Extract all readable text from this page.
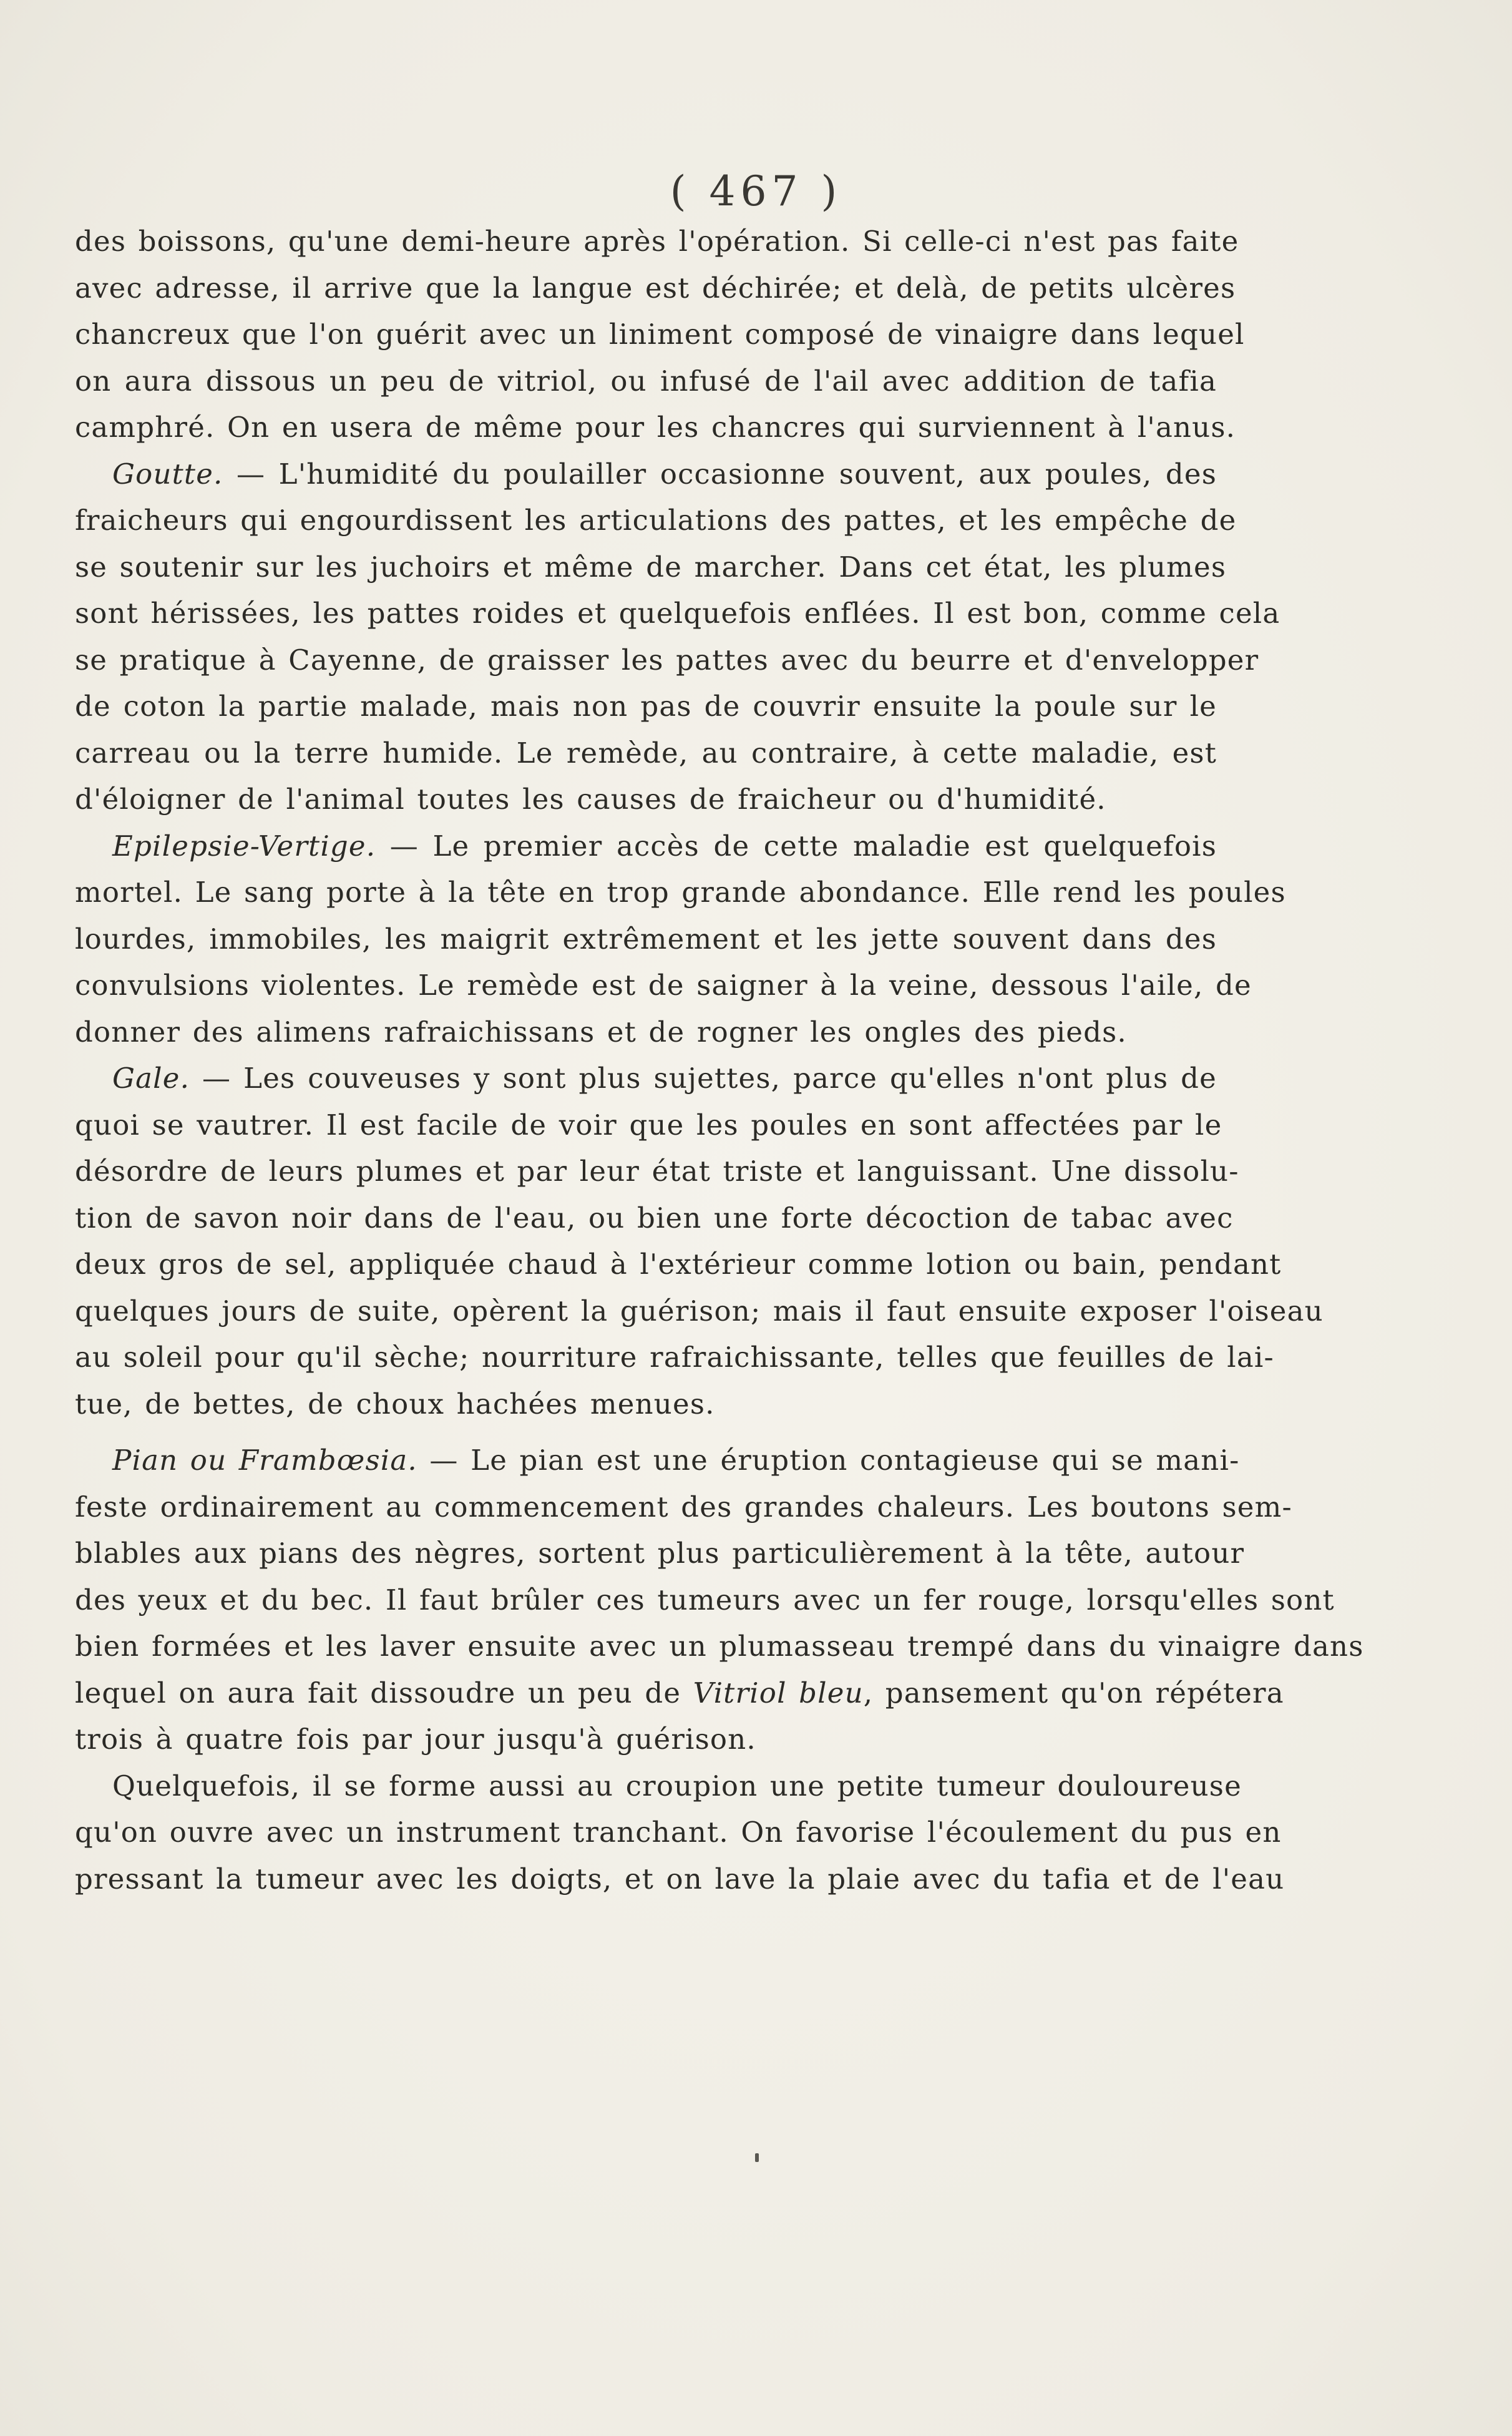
( 467 )
des boissons, qu'une demi-heure après l'opération. Si celle-ci n'est pas faite
avec adresse, il arrive que la langue est déchirée; et delà, de petits ulcères
chancreux que l'on guérit avec un liniment composé de vinaigre dans lequel
on aura dissous un peu de vitriol, ou infusé de l'ail avec addition de tafia
camphré. On en usera de même pour les chancres qui surviennent à l'anus.
Goutte. — L'humidité du poulailler occasionne souvent, aux poules, des
fraicheurs qui engourdissent les articulations des pattes, et les empêche de
se soutenir sur les juchoirs et même de marcher. Dans cet état, les plumes
sont hérissées, les pattes roides et quelquefois enflées. Il est bon, comme cela
se pratique à Cayenne, de graisser les pattes avec du beurre et d'envelopper
de coton la partie malade, mais non pas de couvrir ensuite la poule sur le
carreau ou la terre humide. Le remède, au contraire, à cette maladie, est
d'éloigner de l'animal toutes les causes de fraicheur ou d'humidité.
Epilepsie-Vertige. — Le premier accès de cette maladie est quelquefois
mortel. Le sang porte à la tête en trop grande abondance. Elle rend les poules
lourdes, immobiles, les maigrit extrêmement et les jette souvent dans des
convulsions violentes. Le remède est de saigner à la veine, dessous l'aile, de
donner des alimens rafraichissans et de rogner les ongles des pieds.
Gale. — Les couveuses y sont plus sujettes, parce qu'elles n'ont plus de
quoi se vautrer. Il est facile de voir que les poules en sont affectées par le
désordre de leurs plumes et par leur état triste et languissant. Une dissolu-
tion de savon noir dans de l'eau, ou bien une forte décoction de tabac avec
deux gros de sel, appliquée chaud à l'extérieur comme lotion ou bain, pendant
quelques jours de suite, opèrent la guérison; mais il faut ensuite exposer l'oiseau
au soleil pour qu'il sèche; nourriture rafraichissante, telles que feuilles de lai-
tue, de bettes, de choux hachées menues.
Pian ou Frambœsia. — Le pian est une éruption contagieuse qui se mani-
feste ordinairement au commencement des grandes chaleurs. Les boutons sem-
blables aux pians des nègres, sortent plus particulièrement à la tête, autour
des yeux et du bec. Il faut brûler ces tumeurs avec un fer rouge, lorsqu'elles sont
bien formées et les laver ensuite avec un plumasseau trempé dans du vinaigre dans
lequel on aura fait dissoudre un peu de Vitriol bleu, pansement qu'on répétera
trois à quatre fois par jour jusqu'à guérison.
Quelquefois, il se forme aussi au croupion une petite tumeur douloureuse
qu'on ouvre avec un instrument tranchant. On favorise l'écoulement du pus en
pressant la tumeur avec les doigts, et on lave la plaie avec du tafia et de l'eau
